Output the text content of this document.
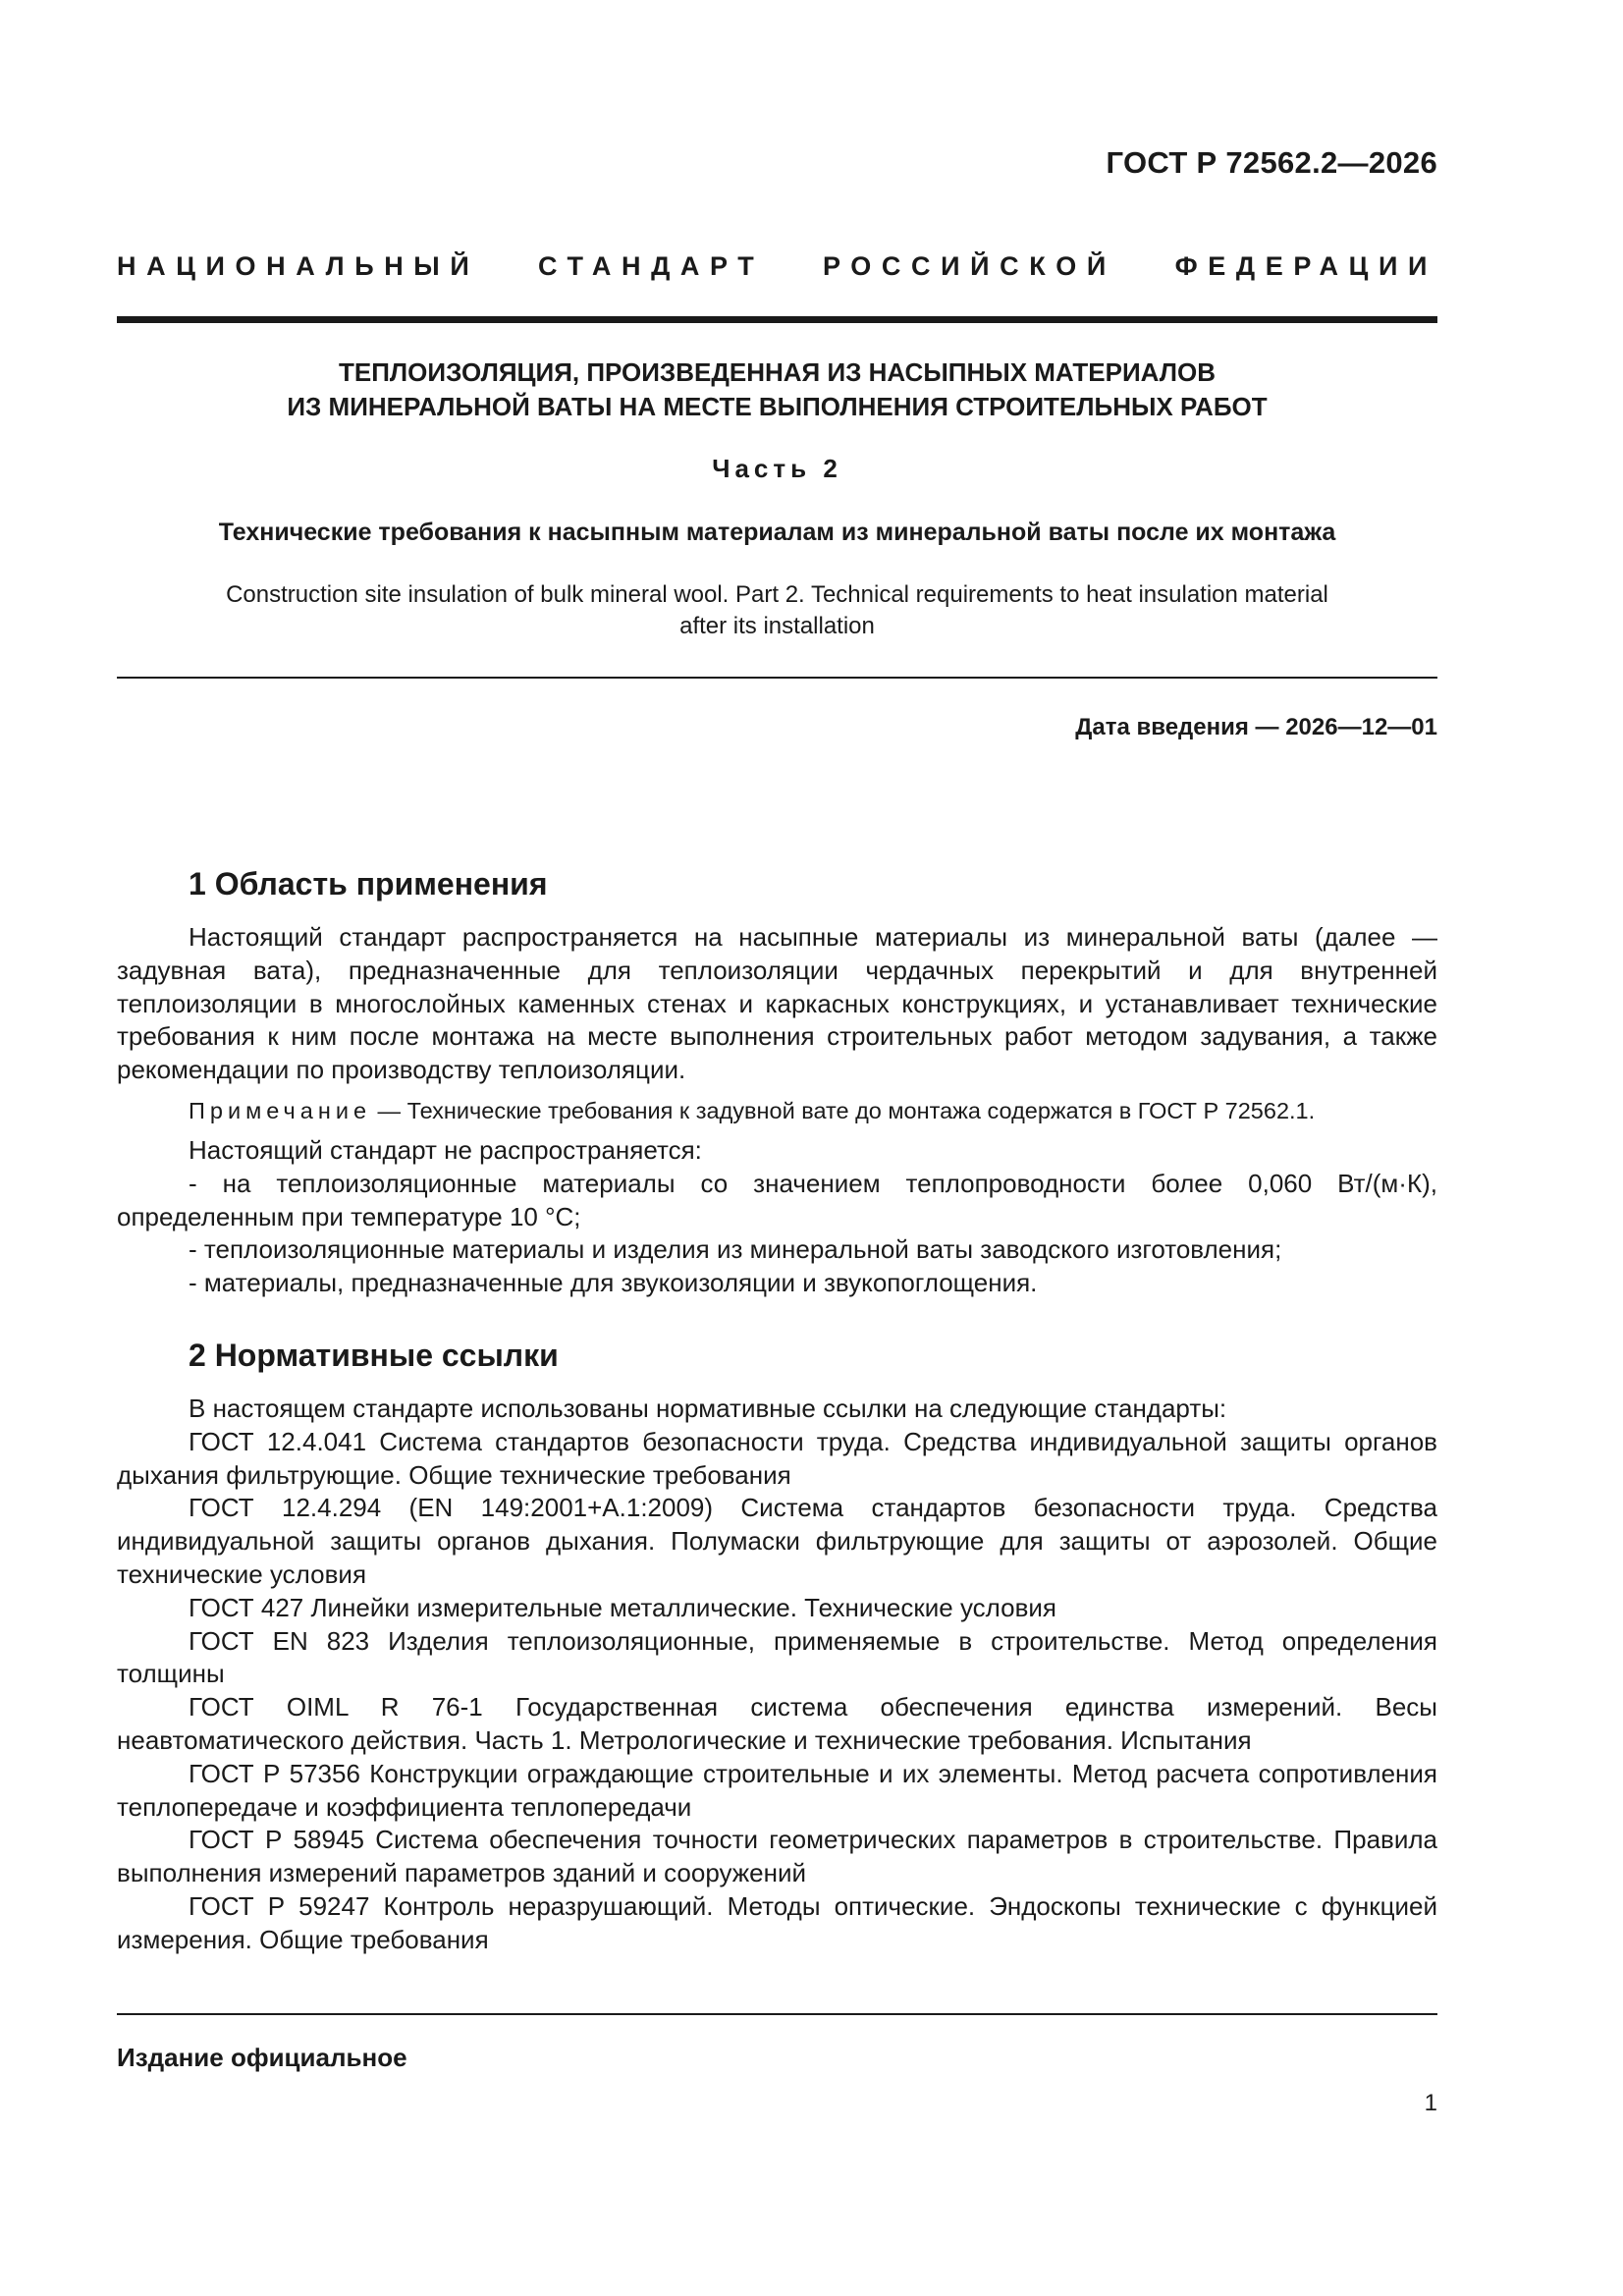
ГОСТ Р 72562.2—2026

НАЦИОНАЛЬНЫЙ СТАНДАРТ РОССИЙСКОЙ ФЕДЕРАЦИИ

ТЕПЛОИЗОЛЯЦИЯ, ПРОИЗВЕДЕННАЯ ИЗ НАСЫПНЫХ МАТЕРИАЛОВ

ИЗ МИНЕРАЛЬНОЙ ВАТЫ НА МЕСТЕ ВЫПОЛНЕНИЯ СТРОИТЕЛЬНЫХ РАБОТ

Часть 2

Технические требования к насыпным материалам из минеральной ваты после их монтажа

Construction site insulation of bulk mineral wool. Part 2. Technical requirements to heat insulation material

after its installation

Дата введения — 2026—12—01

1 Область применения

Настоящий стандарт распространяется на насыпные материалы из минеральной ваты (далее — задувная вата), предназначенные для теплоизоляции чердачных перекрытий и для внутренней теплоизоляции в многослойных каменных стенах и каркасных конструкциях, и устанавливает технические требования к ним после монтажа на месте выполнения строительных работ методом задувания, а также рекомендации по производству теплоизоляции.

Примечание — Технические требования к задувной вате до монтажа содержатся в ГОСТ Р 72562.1.

Настоящий стандарт не распространяется:

- на теплоизоляционные материалы со значением теплопроводности более 0,060 Вт/(м·К), определенным при температуре 10 °С;

- теплоизоляционные материалы и изделия из минеральной ваты заводского изготовления;

- материалы, предназначенные для звукоизоляции и звукопоглощения.

2 Нормативные ссылки

В настоящем стандарте использованы нормативные ссылки на следующие стандарты:

ГОСТ 12.4.041 Система стандартов безопасности труда. Средства индивидуальной защиты органов дыхания фильтрующие. Общие технические требования

ГОСТ 12.4.294 (EN 149:2001+A.1:2009) Система стандартов безопасности труда. Средства индивидуальной защиты органов дыхания. Полумаски фильтрующие для защиты от аэрозолей. Общие технические условия

ГОСТ 427 Линейки измерительные металлические. Технические условия

ГОСТ EN 823 Изделия теплоизоляционные, применяемые в строительстве. Метод определения толщины

ГОСТ OIML R 76-1 Государственная система обеспечения единства измерений. Весы неавтоматического действия. Часть 1. Метрологические и технические требования. Испытания

ГОСТ Р 57356 Конструкции ограждающие строительные и их элементы. Метод расчета сопротивления теплопередаче и коэффициента теплопередачи

ГОСТ Р 58945 Система обеспечения точности геометрических параметров в строительстве. Правила выполнения измерений параметров зданий и сооружений

ГОСТ Р 59247 Контроль неразрушающий. Методы оптические. Эндоскопы технические с функцией измерения. Общие требования

Издание официальное

1
